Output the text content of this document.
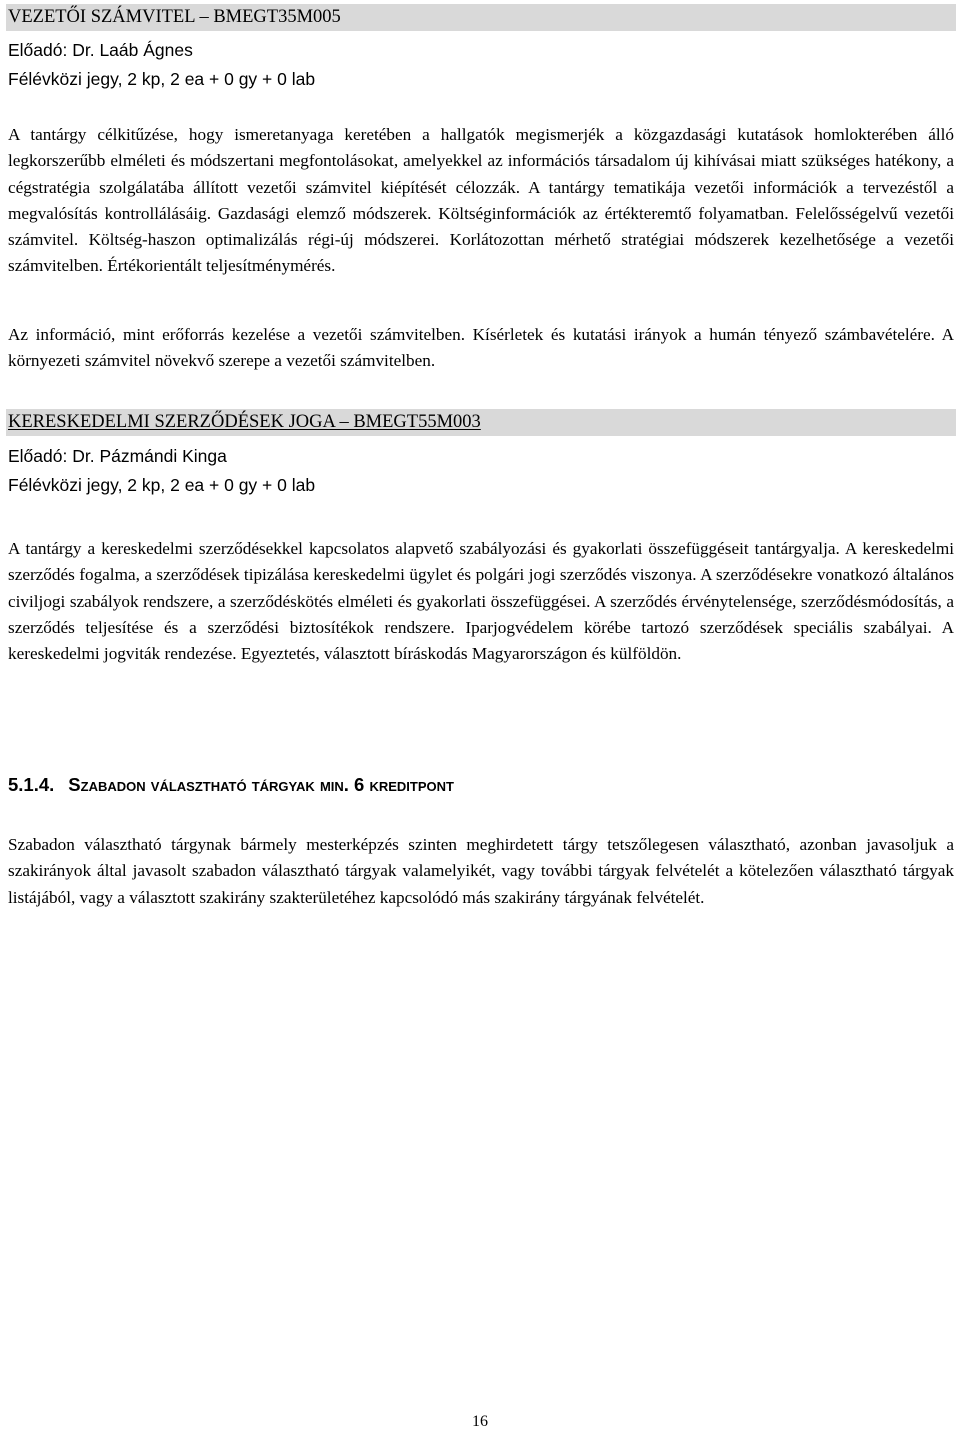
VEZETŐI SZÁMVITEL – BMEGT35M005
Előadó: Dr. Laáb Ágnes
Félévközi jegy, 2 kp, 2 ea + 0 gy + 0 lab

A tantárgy célkitűzése, hogy ismeretanyaga keretében a hallgatók megismerjék a közgazdasági kutatások homlokterében álló legkorszerűbb elméleti és módszertani megfontolásokat, amelyekkel az információs társadalom új kihívásai miatt szükséges hatékony, a cégstratégia szolgálatába állított vezetői számvitel kiépítését célozzák. A tantárgy tematikája vezetői információk a tervezéstől a megvalósítás kontrollálásáig. Gazdasági elemző módszerek. Költséginformációk az értékteremtő folyamatban. Felelősségelvű vezetői számvitel. Költség-haszon optimalizálás régi-új módszerei. Korlátozottan mérhető stratégiai módszerek kezelhetősége a vezetői számvitelben. Értékorientált teljesítménymérés.

Az információ, mint erőforrás kezelése a vezetői számvitelben. Kísérletek és kutatási irányok a humán tényező számbavételére. A környezeti számvitel növekvő szerepe a vezetői számvitelben.

KERESKEDELMI SZERZŐDÉSEK JOGA – BMEGT55M003
Előadó: Dr. Pázmándi Kinga
Félévközi jegy, 2 kp, 2 ea + 0 gy + 0 lab

A tantárgy a kereskedelmi szerződésekkel kapcsolatos alapvető szabályozási és gyakorlati összefüggéseit tantárgyalja. A kereskedelmi szerződés fogalma, a szerződések tipizálása kereskedelmi ügylet és polgári jogi szerződés viszonya. A szerződésekre vonatkozó általános civiljogi szabályok rendszere, a szerződéskötés elméleti és gyakorlati összefüggései. A szerződés érvénytelensége, szerződésmódosítás, a szerződés teljesítése és a szerződési biztosítékok rendszere. Iparjogvédelem körébe tartozó szerződések speciális szabályai. A kereskedelmi jogviták rendezése. Egyeztetés, választott bíráskodás Magyarországon és külföldön.

5.1.4. Szabadon választható tárgyak min. 6 kreditpont

Szabadon választható tárgynak bármely mesterképzés szinten meghirdetett tárgy tetszőlegesen választható, azonban javasoljuk a szakirányok által javasolt szabadon választható tárgyak valamelyikét, vagy további tárgyak felvételét a kötelezően választható tárgyak listájából, vagy a választott szakirány szakterületéhez kapcsolódó más szakirány tárgyának felvételét.

16
